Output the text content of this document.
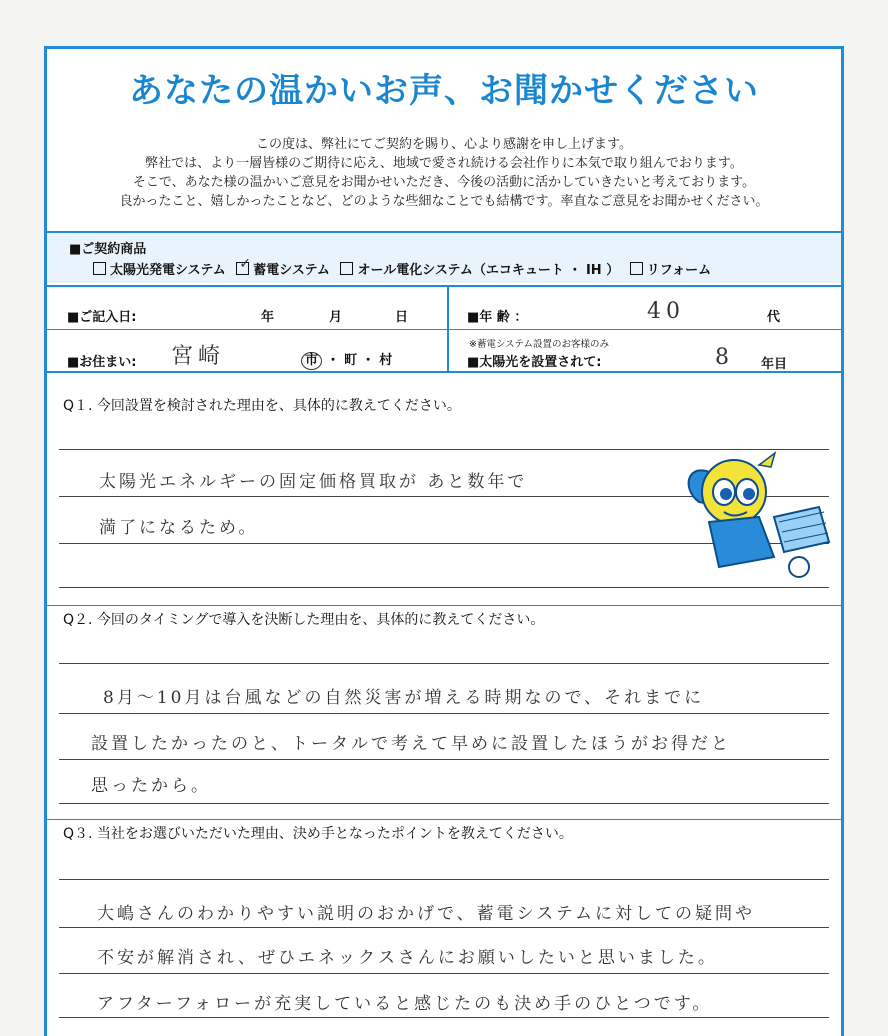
あなたの温かいお声、お聞かせください
この度は、弊社にてご契約を賜り、心より感謝を申し上げます。
弊社では、より一層皆様のご期待に応え、地域で愛され続ける会社作りに本気で取り組んでおります。
そこで、あなた様の温かいご意見をお聞かせいただき、今後の活動に活かしていきたいと考えております。
良かったこと、嬉しかったことなど、どのような些細なことでも結構です。率直なご意見をお聞かせください。
■ご契約商品
太陽光発電システム ✓ 蓄電システム オール電化システム（エコキュート ・ IH ） リフォーム
■ご記入日:	年	月	日	■年 齢 ：	40	代
■お住まい: 宮崎	市 ・ 町 ・ 村
※蓄電システム設置のお客様のみ
■太陽光を設置されて:	8 年目
Q１. 今回設置を検討された理由を、具体的に教えてください。
太陽光エネルギーの固定価格買取が あと数年で
満了になるため。
Q２. 今回のタイミングで導入を決断した理由を、具体的に教えてください。
8月～10月は台風などの自然災害が増える時期なので、それまでに
設置したかったのと、トータルで考えて早めに設置したほうがお得だと
思ったから。
Q３. 当社をお選びいただいた理由、決め手となったポイントを教えてください。
大嶋さんのわかりやすい説明のおかげで、蓄電システムに対しての疑問や
不安が解消され、ぜひエネックスさんにお願いしたいと思いました。
アフターフォローが充実していると感じたのも決め手のひとつです。
